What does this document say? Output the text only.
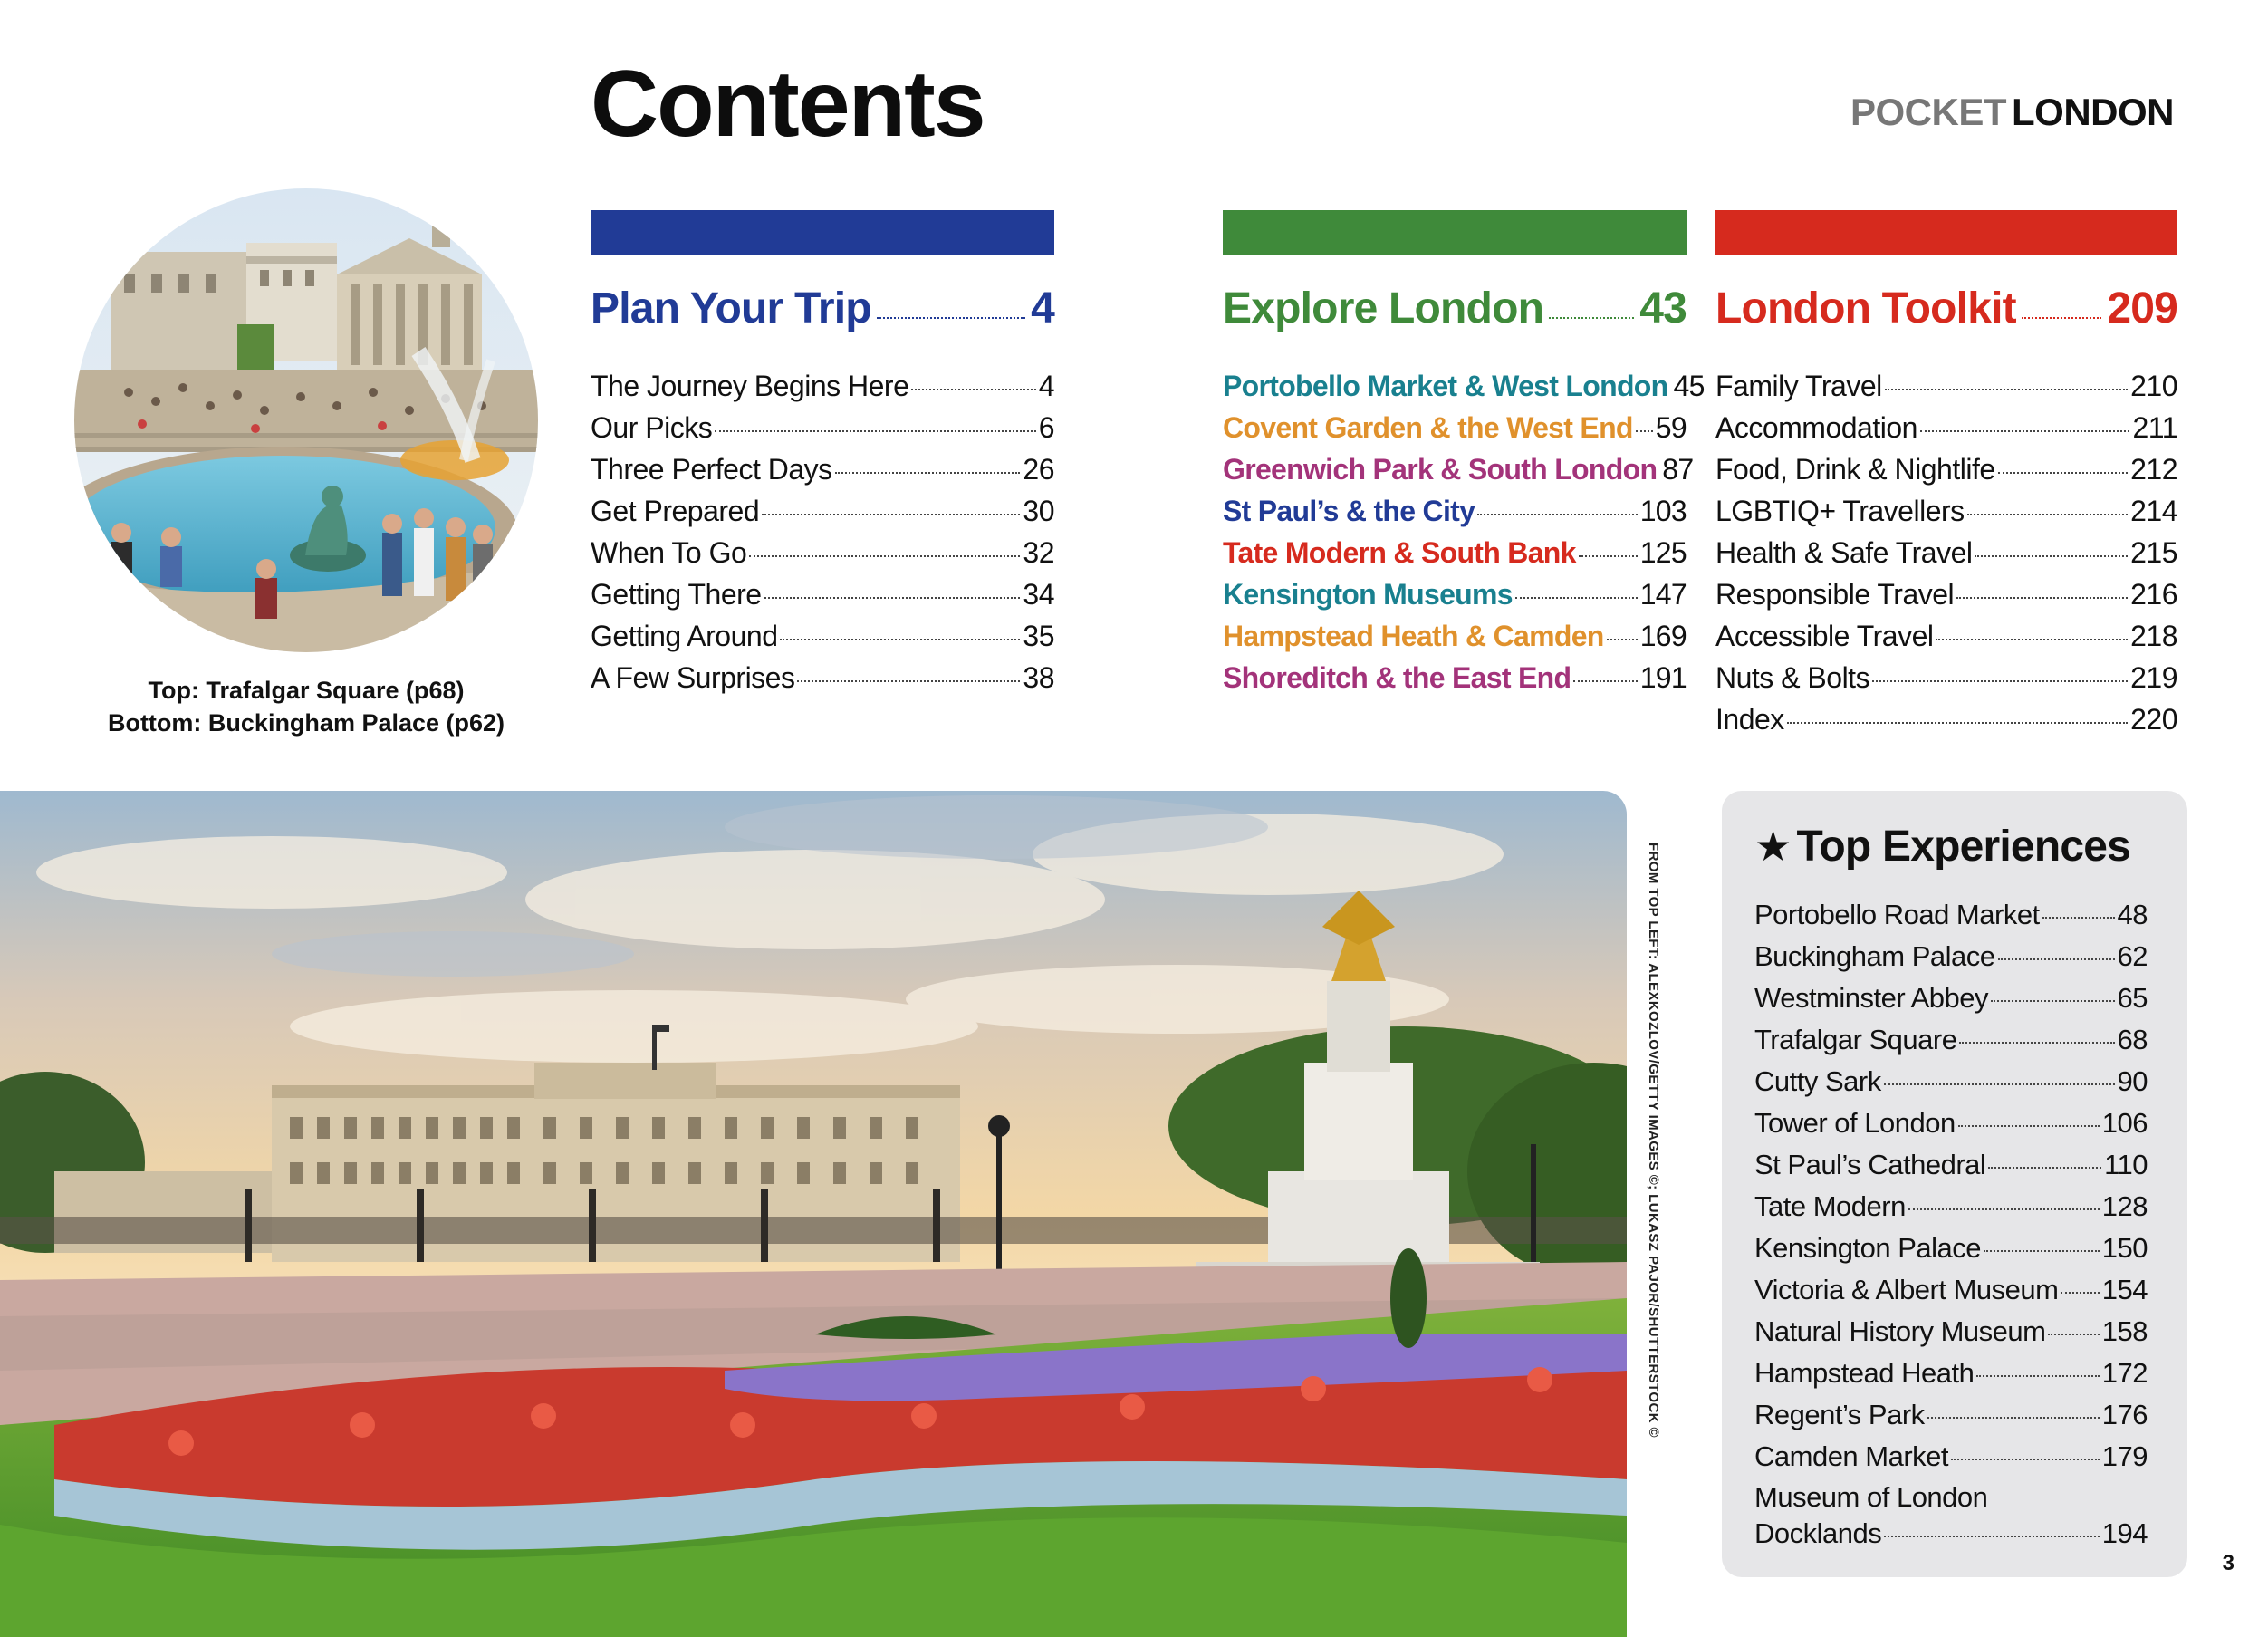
Contents	POCKET LONDON
Top: Trafalgar Square (p68)
Bottom: Buckingham Palace (p62)
Plan Your Trip	4
The Journey Begins Here	4
Our Picks	6
Three Perfect Days	26
Get Prepared	30
When To Go	32
Getting There	34
Getting Around	35
A Few Surprises	38
Explore London 43
Portobello Market & West London 45
Covent Garden & the West End 59
Greenwich Park & South London 87
St Paul’s & the City	103
Tate Modern & South Bank 125
Kensington Museums	147
Hampstead Heath & Camden 169
Shoreditch & the East End 191
London Toolkit 209
Family Travel	210
Accommodation	211
Food, Drink & Nightlife	212
LGBTIQ+ Travellers	214
Health & Safe Travel	215
Responsible Travel	216
Accessible Travel	218
Nuts & Bolts	219
Index	220
FROM TOP LEFT: ALEXKOZLOV/GETTY IMAGES ©; LUKASZ PAJOR/SHUTTERSTOCK © ★ Top Experiences
Portobello Road Market	48
Buckingham Palace	62
Westminster Abbey	65
Trafalgar Square	68
Cutty Sark	90
Tower of London	106
St Paul’s Cathedral	110
Tate Modern	128
Kensington Palace	150
Victoria & Albert Museum 154
Natural History Museum 158
Hampstead Heath	172
Regent’s Park	176
Camden Market	179
Museum of London
Docklands	194
3
